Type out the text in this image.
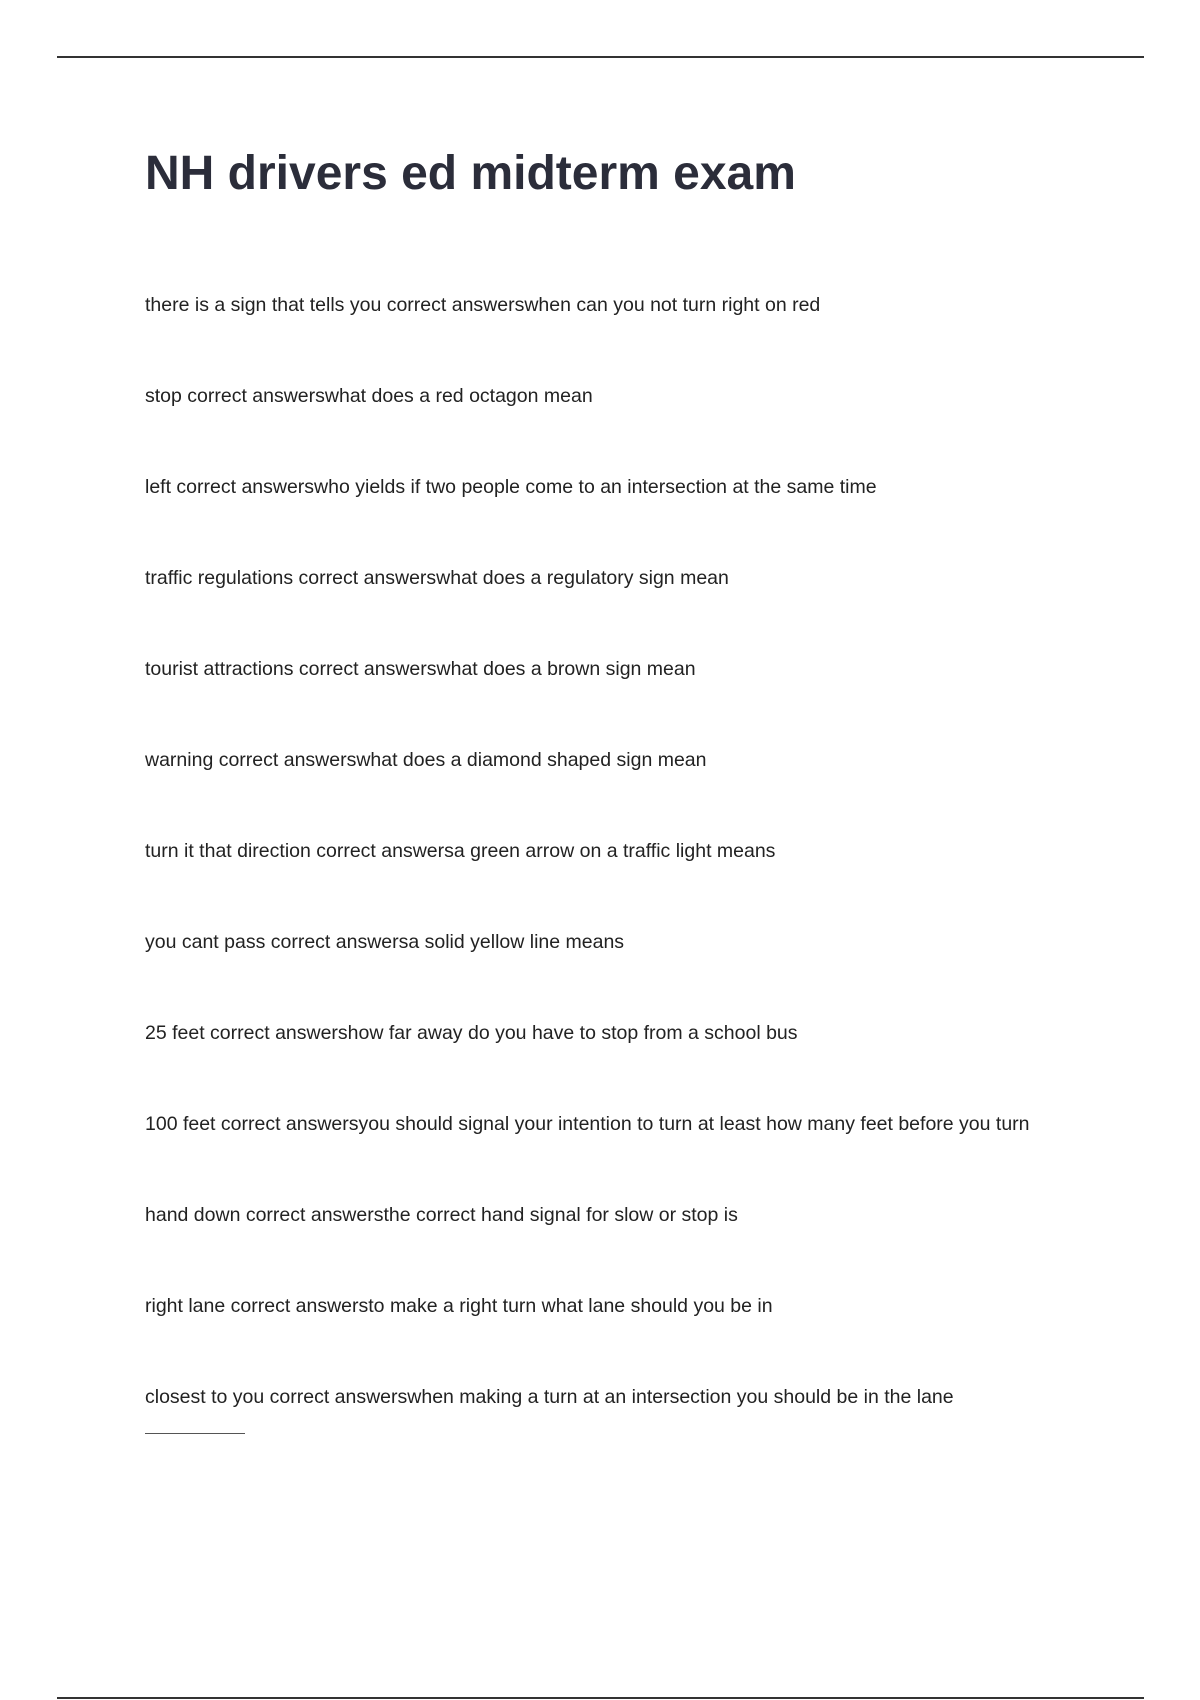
NH drivers ed midterm exam
there is a sign that tells you correct answerswhen can you not turn right on red
stop correct answerswhat does a red octagon mean
left correct answerswho yields if two people come to an intersection at the same time
traffic regulations correct answerswhat does a regulatory sign mean
tourist attractions correct answerswhat does a brown sign mean
warning correct answerswhat does a diamond shaped sign mean
turn it that direction correct answersa green arrow on a traffic light means
you cant pass correct answersa solid yellow line means
25 feet correct answershow far away do you have to stop from a school bus
100 feet correct answersyou should signal your intention to turn at least how many feet before you turn
hand down correct answersthe correct hand signal for slow or stop is
right lane correct answersto make a right turn what lane should you be in
closest to you correct answerswhen making a turn at an intersection you should be in the lane
